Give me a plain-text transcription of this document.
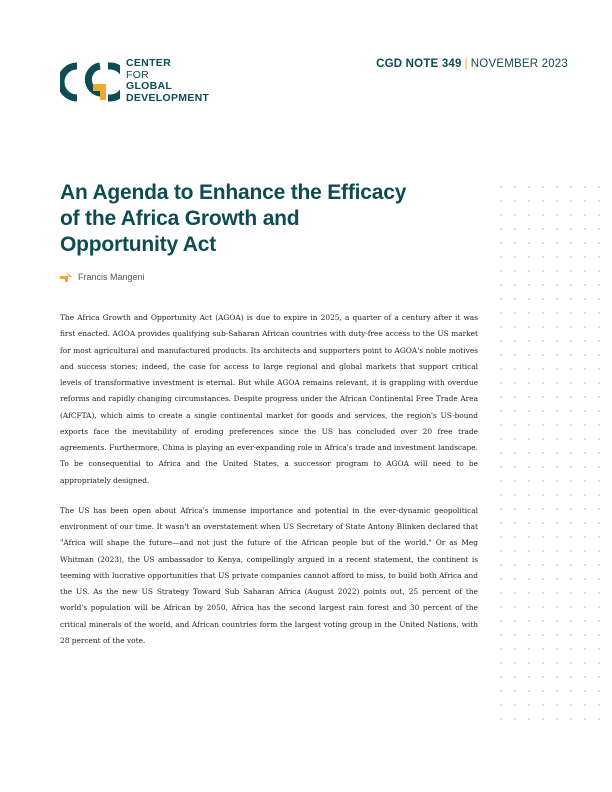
CENTER
FOR
GLOBAL
DEVELOPMENT
CGD NOTE 349 | NOVEMBER 2023
An Agenda to Enhance the Efficacy of the Africa Growth and Opportunity Act
Francis Mangeni

The Africa Growth and Opportunity Act (AGOA) is due to expire in 2025, a quarter of a century after it was first enacted. AGOA provides qualifying sub-Saharan African countries with duty-free access to the US market for most agricultural and manufactured products. Its architects and supporters point to AGOA's noble motives and success stories; indeed, the case for access to large regional and global markets that support critical levels of transformative investment is eternal. But while AGOA remains relevant, it is grappling with overdue reforms and rapidly changing circumstances. Despite progress under the African Continental Free Trade Area (AfCFTA), which aims to create a single continental market for goods and services, the region's US-bound exports face the inevitability of eroding preferences since the US has concluded over 20 free trade agreements. Furthermore, China is playing an ever-expanding role in Africa's trade and investment landscape. To be consequential to Africa and the United States, a successor program to AGOA will need to be appropriately designed.

The US has been open about Africa's immense importance and potential in the ever-dynamic geopolitical environment of our time. It wasn't an overstatement when US Secretary of State Antony Blinken declared that "Africa will shape the future—and not just the future of the African people but of the world." Or as Meg Whitman (2023), the US ambassador to Kenya, compellingly argued in a recent statement, the continent is teeming with lucrative opportunities that US private companies cannot afford to miss, to build both Africa and the US. As the new US Strategy Toward Sub Saharan Africa (August 2022) points out, 25 percent of the world's population will be African by 2050, Africa has the second largest rain forest and 30 percent of the critical minerals of the world, and African countries form the largest voting group in the United Nations, with 28 percent of the vote.
